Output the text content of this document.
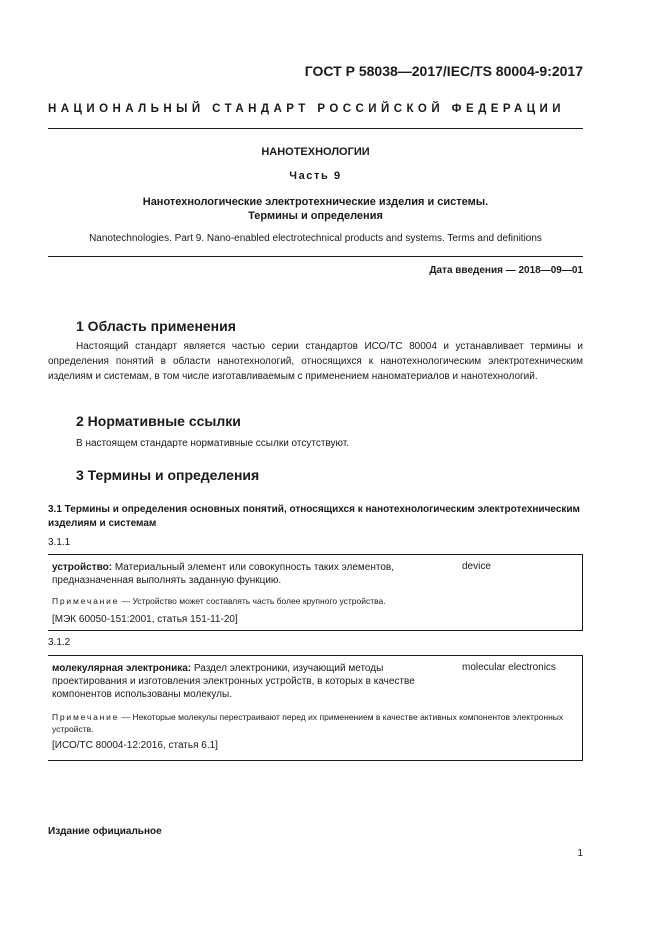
ГОСТ Р 58038—2017/IEC/TS 80004-9:2017
НАЦИОНАЛЬНЫЙ СТАНДАРТ РОССИЙСКОЙ ФЕДЕРАЦИИ
НАНОТЕХНОЛОГИИ
Часть 9
Нанотехнологические электротехнические изделия и системы.
Термины и определения
Nanotechnologies. Part 9. Nano-enabled electrotechnical products and systems. Terms and definitions
Дата введения — 2018—09—01
1 Область применения
Настоящий стандарт является частью серии стандартов ИСО/ТС 80004 и устанавливает термины и определения понятий в области нанотехнологий, относящихся к нанотехнологическим электротехническим изделиям и системам, в том числе изготавливаемым с применением наноматериалов и нанотехнологий.
2 Нормативные ссылки
В настоящем стандарте нормативные ссылки отсутствуют.
3 Термины и определения
3.1 Термины и определения основных понятий, относящихся к нанотехнологическим электротехническим изделиям и системам
3.1.1
устройство: Материальный элемент или совокупность таких элементов, предназначенная выполнять заданную функцию.
device
Примечание — Устройство может составлять часть более крупного устройства.
[МЭК 60050-151:2001, статья 151-11-20]
3.1.2
молекулярная электроника: Раздел электроники, изучающий методы проектирования и изготовления электронных устройств, в которых в качестве компонентов использованы молекулы.
molecular electronics
Примечание — Некоторые молекулы перестраивают перед их применением в качестве активных компонентов электронных устройств.
[ИСО/ТС 80004-12:2016, статья 6.1]
Издание официальное
1
